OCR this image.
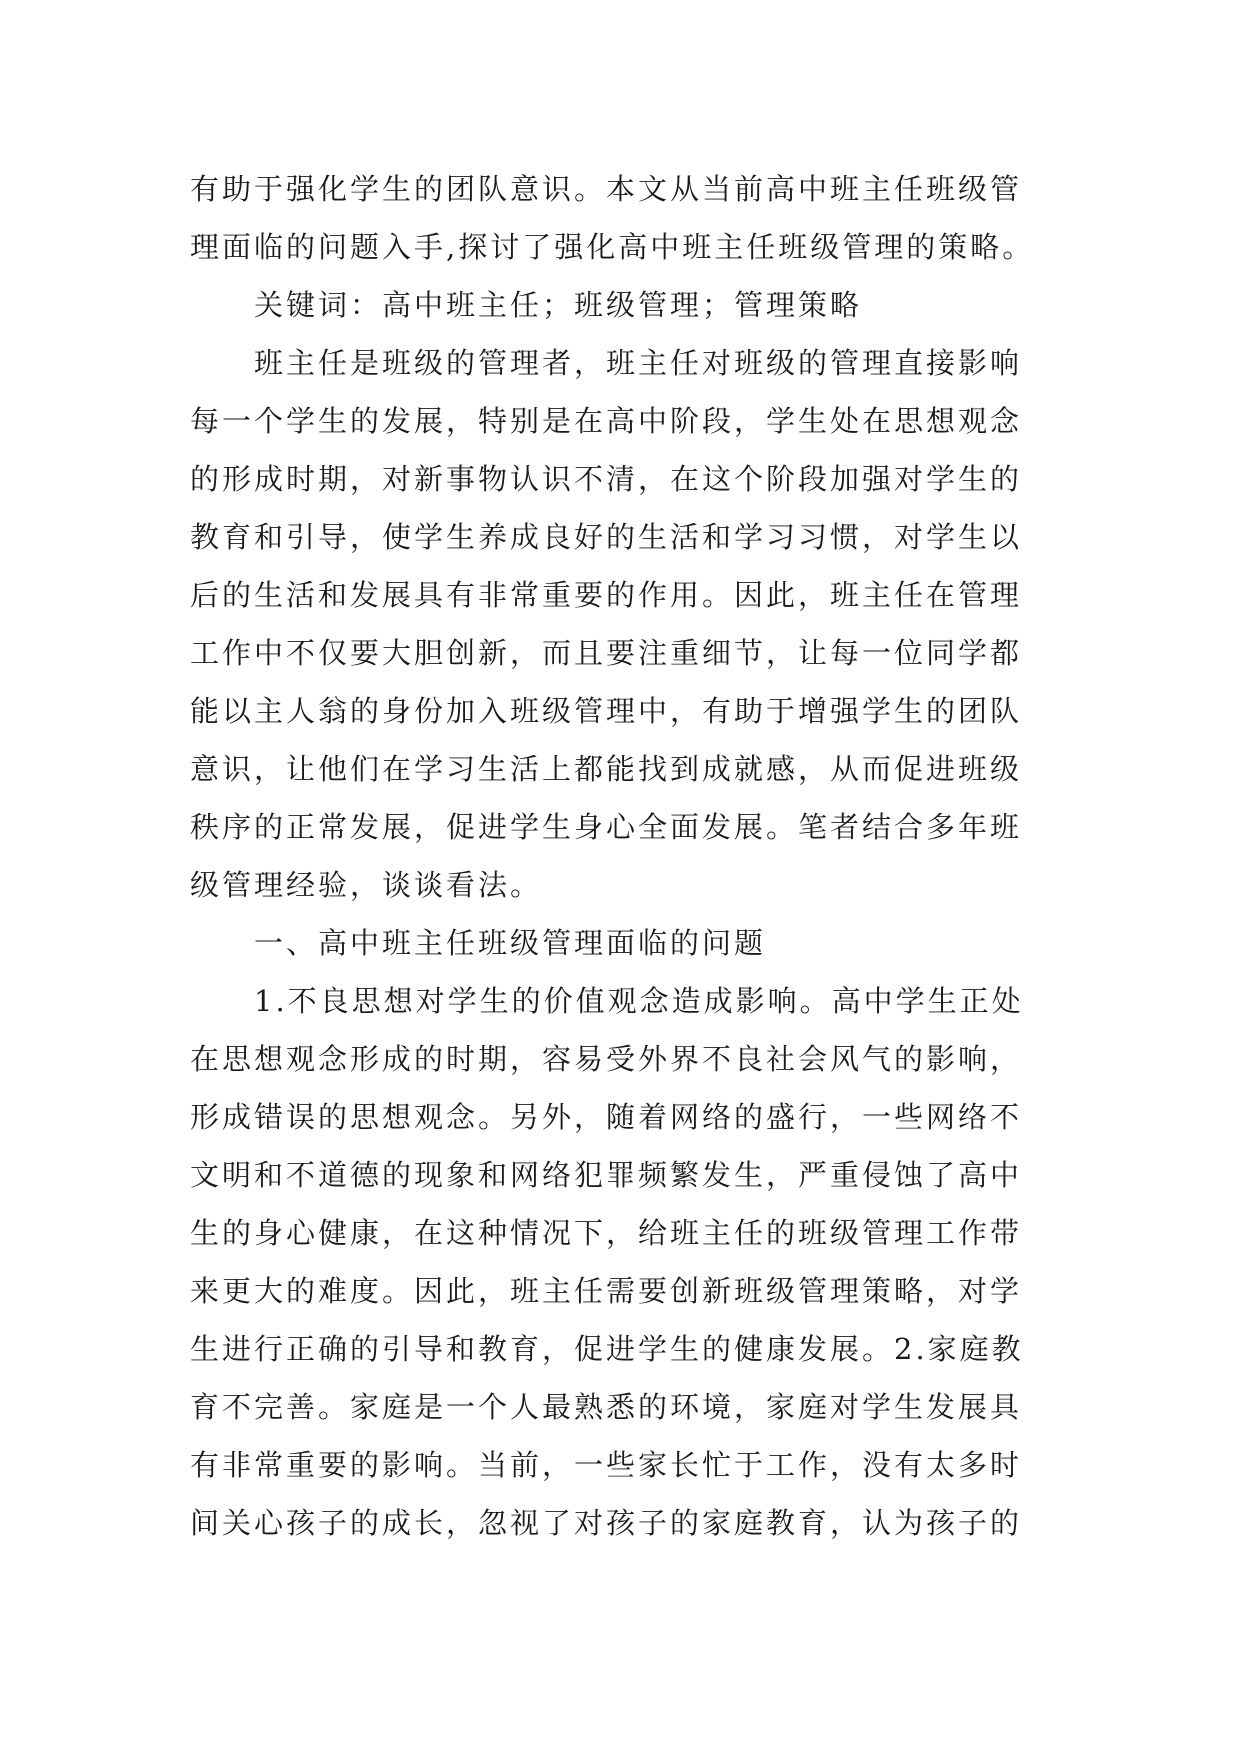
有助于强化学生的团队意识。本文从当前高中班主任班级管
理面临的问题入手,探讨了强化高中班主任班级管理的策略。
　　关键词：高中班主任；班级管理；管理策略
　　班主任是班级的管理者，班主任对班级的管理直接影响
每一个学生的发展，特别是在高中阶段，学生处在思想观念
的形成时期，对新事物认识不清，在这个阶段加强对学生的
教育和引导，使学生养成良好的生活和学习习惯，对学生以
后的生活和发展具有非常重要的作用。因此，班主任在管理
工作中不仅要大胆创新，而且要注重细节，让每一位同学都
能以主人翁的身份加入班级管理中，有助于增强学生的团队
意识，让他们在学习生活上都能找到成就感，从而促进班级
秩序的正常发展，促进学生身心全面发展。笔者结合多年班
级管理经验，谈谈看法。
　　一、高中班主任班级管理面临的问题
　　1.不良思想对学生的价值观念造成影响。高中学生正处
在思想观念形成的时期，容易受外界不良社会风气的影响，
形成错误的思想观念。另外，随着网络的盛行，一些网络不
文明和不道德的现象和网络犯罪频繁发生，严重侵蚀了高中
生的身心健康，在这种情况下，给班主任的班级管理工作带
来更大的难度。因此，班主任需要创新班级管理策略，对学
生进行正确的引导和教育，促进学生的健康发展。2.家庭教
育不完善。家庭是一个人最熟悉的环境，家庭对学生发展具
有非常重要的影响。当前，一些家长忙于工作，没有太多时
间关心孩子的成长，忽视了对孩子的家庭教育，认为孩子的
